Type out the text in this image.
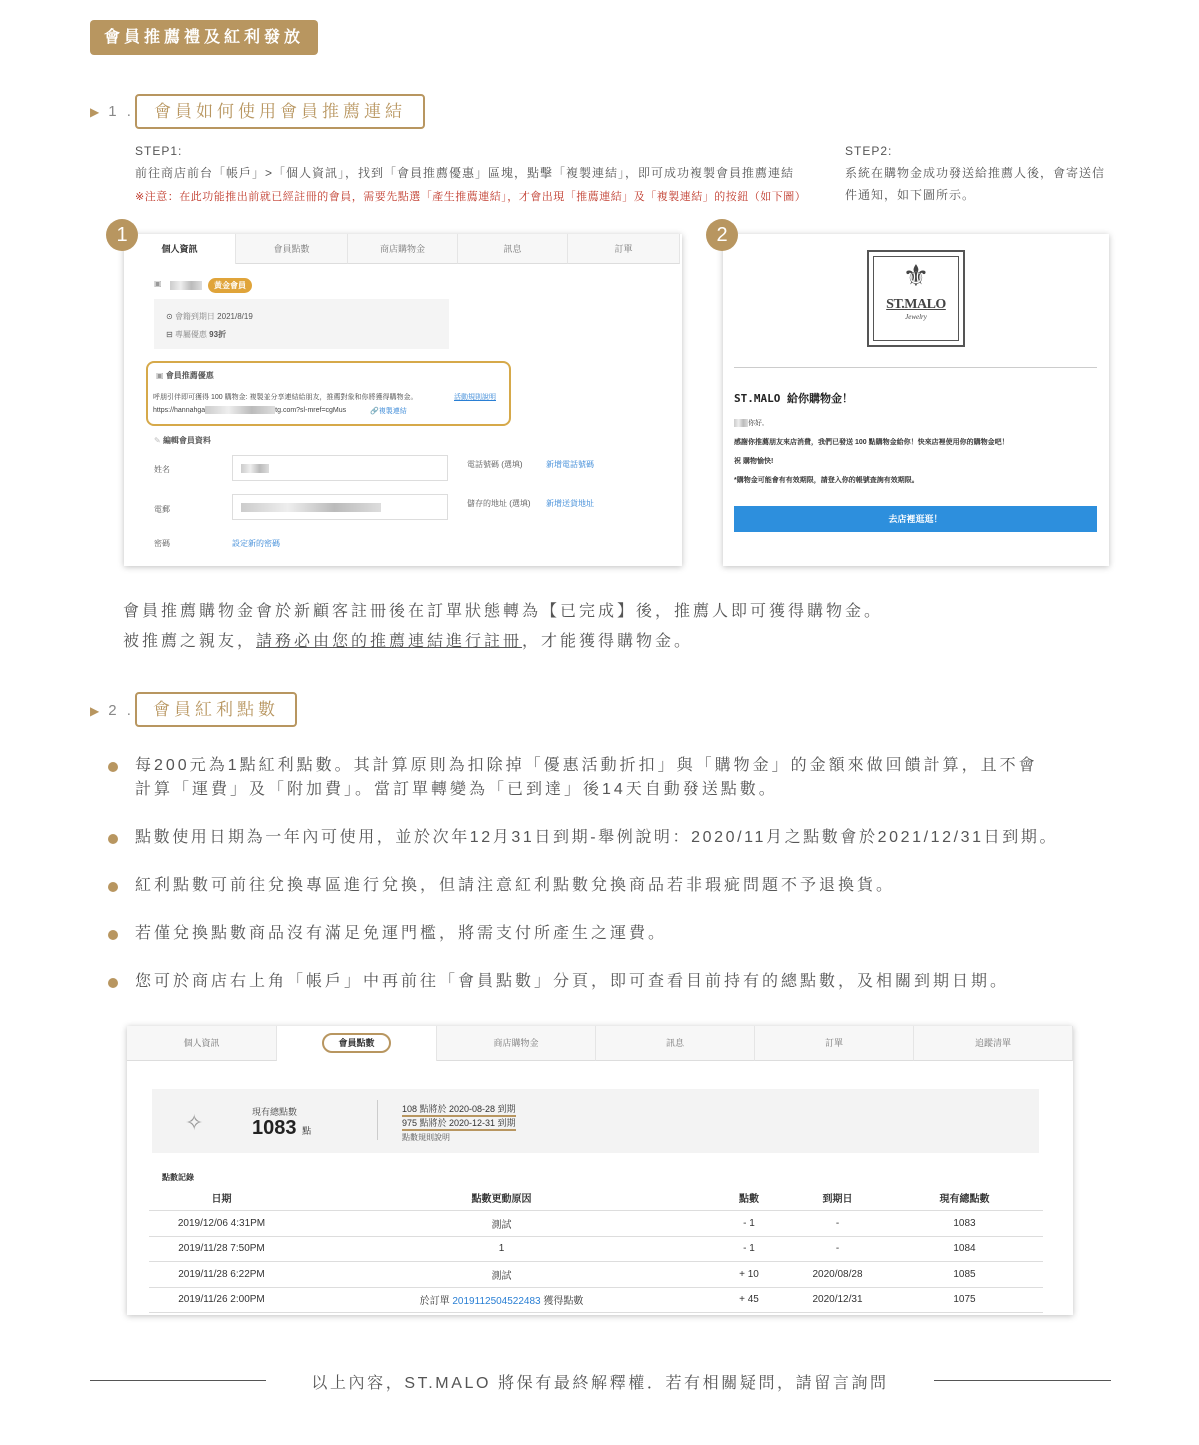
會員推薦禮及紅利發放
▶ 1 .	會員如何使用會員推薦連結
STEP1:
前往商店前台「帳戶」>「個人資訊」，找到「會員推薦優惠」區塊，點擊「複製連結」，即可成功複製會員推薦連結
※注意：在此功能推出前就已經註冊的會員，需要先點選「產生推薦連結」，才會出現「推薦連結」及「複製連結」的按鈕（如下圖）
STEP2:
系統在購物金成功發送給推薦人後，會寄送信
件通知，如下圖所示。
個人資訊	會員點數	商店購物金	訊息	訂單
▣	黃金會員
⊙ 會籍到期日 2021/8/19
⊟ 專屬優惠 93折
▣ 會員推薦優惠
呼朋引伴即可獲得 100 購物金: 複製並分享連結給朋友，推薦對象和你將獲得購物金。	活動規則說明
https://hannahga	tg.com?sl-mref=cgMus	🔗複製連結
✎ 編輯會員資料
姓名
電郵
密碼	設定新的密碼
電話號碼 (選填)	新增電話號碼
儲存的地址 (選填) 新增送貨地址
1
⚜
ST.MALO
Jewelry
ST.MALO 給你購物金！
你好,
感謝你推薦朋友來店消費，我們已發送 100 點購物金給你！快來店裡使用你的購物金吧！
祝 購物愉快!
*購物金可能會有有效期限，請登入你的帳號查詢有效期限。
去店裡逛逛！
2
會員推薦購物金會於新顧客註冊後在訂單狀態轉為【已完成】後，推薦人即可獲得購物金。
被推薦之親友，請務必由您的推薦連結進行註冊，才能獲得購物金。
▶ 2 .	會員紅利點數
每200元為1點紅利點數。其計算原則為扣除掉「優惠活動折扣」與「購物金」的金額來做回饋計算，且不會
計算「運費」及「附加費」。當訂單轉變為「已到達」後14天自動發送點數。
點數使用日期為一年內可使用，並於次年12月31日到期-舉例說明：2020/11月之點數會於2021/12/31日到期。
紅利點數可前往兌換專區進行兌換，但請注意紅利點數兌換商品若非瑕疵問題不予退換貨。
若僅兌換點數商品沒有滿足免運門檻，將需支付所產生之運費。
您可於商店右上角「帳戶」中再前往「會員點數」分頁，即可查看目前持有的總點數，及相關到期日期。
個人資訊	會員點數	商店購物金	訊息	訂單	追蹤清單
✧	現有總點數
1083 點
108 點將於 2020-08-28 到期
975 點將於 2020-12-31 到期
點數規則說明
點數記錄
日期	點數更動原因	點數	到期日	現有總點數
2019/12/06 4:31PM	測試	- 1	-	1083
2019/11/28 7:50PM	1	- 1	-	1084
2019/11/28 6:22PM	測試	+ 10	2020/08/28	1085
2019/11/26 2:00PM	於訂單 2019112504522483 獲得點數	+ 45	2020/12/31	1075
以上內容，ST.MALO 將保有最終解釋權．若有相關疑問，請留言詢問
